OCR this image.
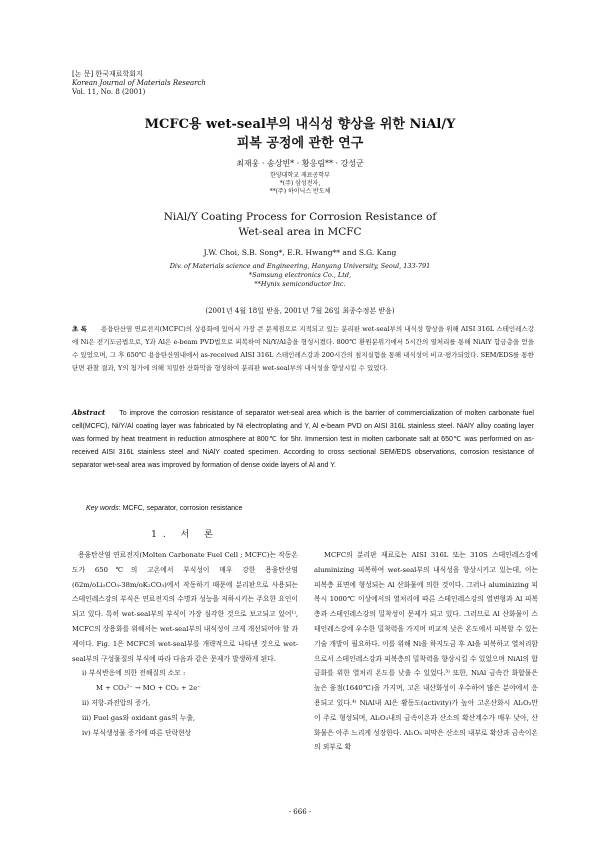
[논 문] 한국재료학회지
Korean Journal of Materials Research
Vol. 11, No. 8 (2001)
MCFC용 wet-seal부의 내식성 향상을 위한 NiAl/Y
피복 공정에 관한 연구
최재웅 · 송상빈* · 황응림** · 강성군
한양대학교 재료공학부
*(주) 삼성전자,
**(주) 하이닉스 반도체
NiAl/Y Coating Process for Corrosion Resistance of
Wet-seal area in MCFC
J.W. Choi, S.B. Song*, E.R. Hwang** and S.G. Kang
Div. of Materials science and Engineering, Hanyang University, Seoul, 133-791
*Samsung electronics Co., Ltd,
**Hynix semiconductor Inc.
(2001년 4월 18일 받음, 2001년 7월 26일 최종수정본 받음)
초 록 용융탄산염 연료전지(MCFC)의 상용화에 있어서 가장 큰 문제점으로 지적되고 있는 분리판 wet-seal부의 내식성 향상을 위해 AISI 316L 스테인레스강에 Ni은 전기도금법으로, Y과 Al은 e-beam PVD법으로 피복하여 Ni/Y/Al층을 형성시켰다. 800℃ 환원분위기에서 5시간의 열처리를 통해 NiAlY 합금층을 얻을 수 있었으며, 그 후 650℃ 용융탄산염내에서 as-received AISI 316L 스테인레스강과 200시간의 침지실험을 통해 내식성이 비교·평가되었다. SEM/EDS를 통한 단면 관찰 결과, Y의 첨가에 의해 치밀한 산화막을 형성하여 분리판 wet-seal부의 내식성을 향상시킬 수 있었다.
Abstract To improve the corrosion resistance of separator wet-seal area which is the barrier of commercialization of molten carbonate fuel cell(MCFC), Ni/Y/Al coating layer was fabricated by Ni electroplating and Y, Al e-beam PVD on AISI 316L stainless steel. NiAlY alloy coating layer was formed by heat treatment in reduction atmosphere at 800℃ for 5hr. Immersion test in molten carbonate salt at 650℃ was performed on as-received AISI 316L stainless steel and NiAlY coated specimen. According to cross sectional SEM/EDS observations, corrosion resistance of separator wet-seal area was improved by formation of dense oxide layers of Al and Y.
Key words: MCFC, separator, corrosion resistance
1. 서 론

용융탄산염 연료전지(Molten Carbonate Fuel Cell ; MCFC)는 작동온도가 650℃의 고온에서 부식성이 매우 강한 용융탄산염(62m/oLi₂CO₃-38m/oK₂CO₃)에서 작동하기 때문에 분리판으로 사용되는 스테인레스강의 부식은 연료전지의 수명과 성능을 저하시키는 주요한 요인이 되고 있다. 특히 wet-seal부의 부식이 가장 심각한 것으로 보고되고 있어¹⁾, MCFC의 상용화를 위해서는 wet-seal부의 내식성이 크게 개선되어야 할 과제이다. Fig. 1은 MCFC의 wet-seal부를 개략적으로 나타낸 것으로 wet-seal부의 구성물질의 부식에 따라 다음과 같은 문제가 발생하게 된다.

ⅰ) 부식반응에 의한 전해질의 소모 :
M + CO₃²⁻ → MO + CO₂ + 2e⁻
ⅱ) 저항-과전압의 증가,
ⅲ) Fuel gas와 oxidant gas의 누출,
ⅳ) 부식생성물 증가에 따른 단락현상

MCFC의 분리판 재료로는 AISI 316L 또는 310S 스테인레스강에 aluminizing 피복하여 wet-seal부의 내식성을 향상시키고 있는데, 이는 피복층 표면에 형성되는 Al 산화물에 의한 것이다. 그러나 aluminizing 피복시 1000℃ 이상에서의 열처리에 따른 스테인레스강의 열변형과 Al 피복층과 스테인레스강의 밀착성이 문제가 되고 있다. 그러므로 Al 산화물이 스테인레스강에 우수한 밀착력을 가지며 비교적 낮은 온도에서 피복할 수 있는 기술 개발이 필요하다. 이를 위해 Ni을 하지도금 후 Al을 피복하고 열처리함으로서 스테인레스강과 피복층의 밀착력을 향상시킬 수 있었으며 NiAl의 합금화를 위한 열처리 온도를 낮출 수 있었다.³⁾ 또한, NiAl 금속간 화합물은 높은 융점(1640℃)을 가지며, 고온 내산화성이 우수하여 많은 분야에서 응용되고 있다.⁴⁾ NiAl내 Al은 활동도(activity)가 높아 고온산화시 Al₂O₃만이 주로 형성되며, Al₂O₃내의 금속이온과 산소의 확산계수가 매우 낮아, 산화물은 아주 느리게 성장한다. Al₂O₃ 피막은 산소의 내부로 확산과 금속이온의 외부로 확

- 666 -
